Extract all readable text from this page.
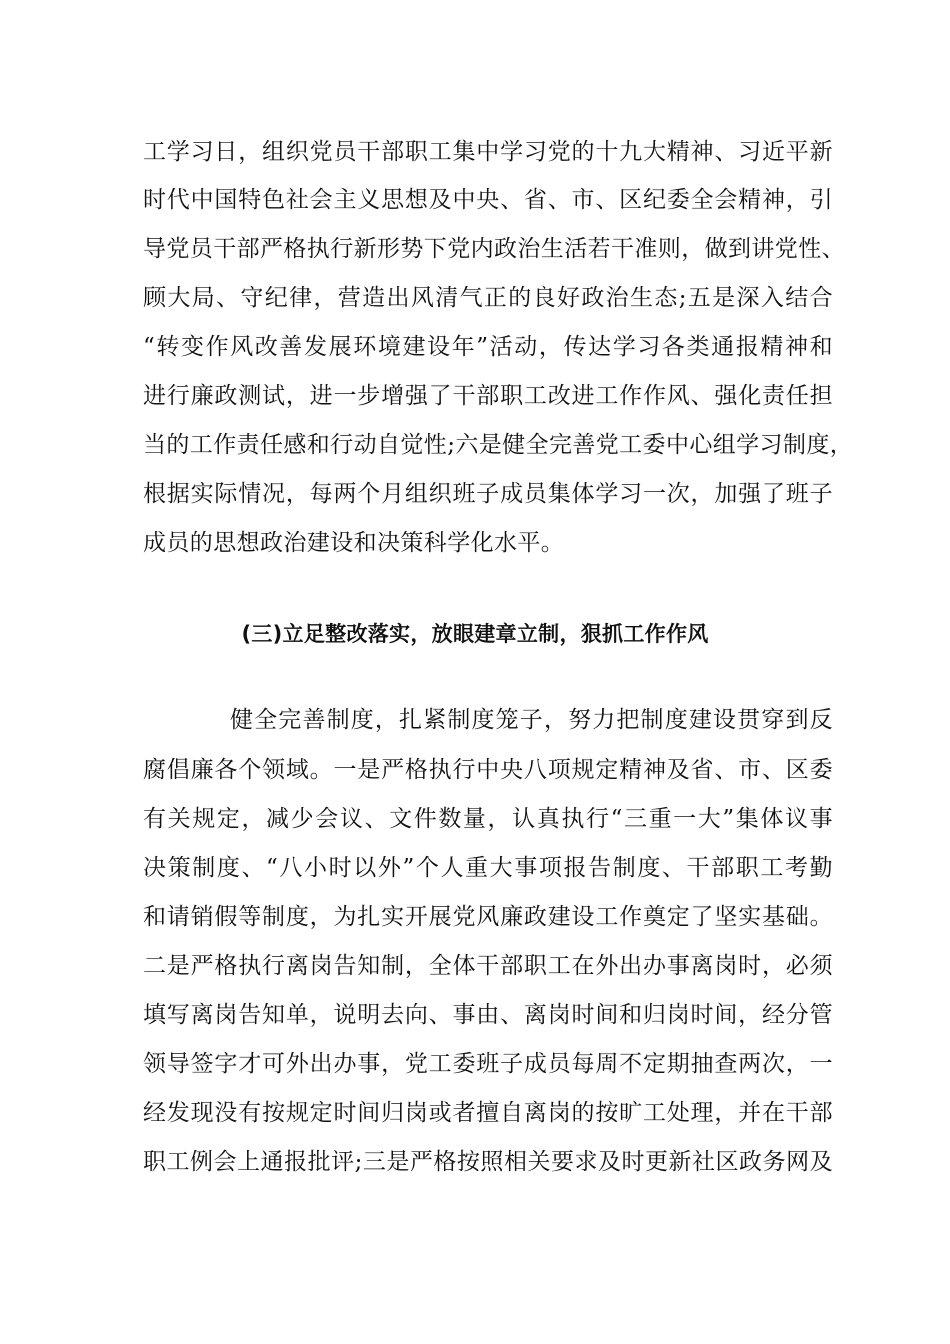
工学习日，组织党员干部职工集中学习党的十九大精神、习近平新
时代中国特色社会主义思想及中央、省、市、区纪委全会精神，引
导党员干部严格执行新形势下党内政治生活若干准则，做到讲党性、
顾大局、守纪律，营造出风清气正的良好政治生态;五是深入结合
“转变作风改善发展环境建设年”活动，传达学习各类通报精神和
进行廉政测试，进一步增强了干部职工改进工作作风、强化责任担
当的工作责任感和行动自觉性;六是健全完善党工委中心组学习制度，
根据实际情况，每两个月组织班子成员集体学习一次，加强了班子
成员的思想政治建设和决策科学化水平。
(三)立足整改落实，放眼建章立制，狠抓工作作风
健全完善制度，扎紧制度笼子，努力把制度建设贯穿到反
腐倡廉各个领域。一是严格执行中央八项规定精神及省、市、区委
有关规定，减少会议、文件数量，认真执行“三重一大”集体议事
决策制度、“八小时以外”个人重大事项报告制度、干部职工考勤
和请销假等制度，为扎实开展党风廉政建设工作奠定了坚实基础。
二是严格执行离岗告知制，全体干部职工在外出办事离岗时，必须
填写离岗告知单，说明去向、事由、离岗时间和归岗时间，经分管
领导签字才可外出办事，党工委班子成员每周不定期抽查两次，一
经发现没有按规定时间归岗或者擅自离岗的按旷工处理，并在干部
职工例会上通报批评;三是严格按照相关要求及时更新社区政务网及
